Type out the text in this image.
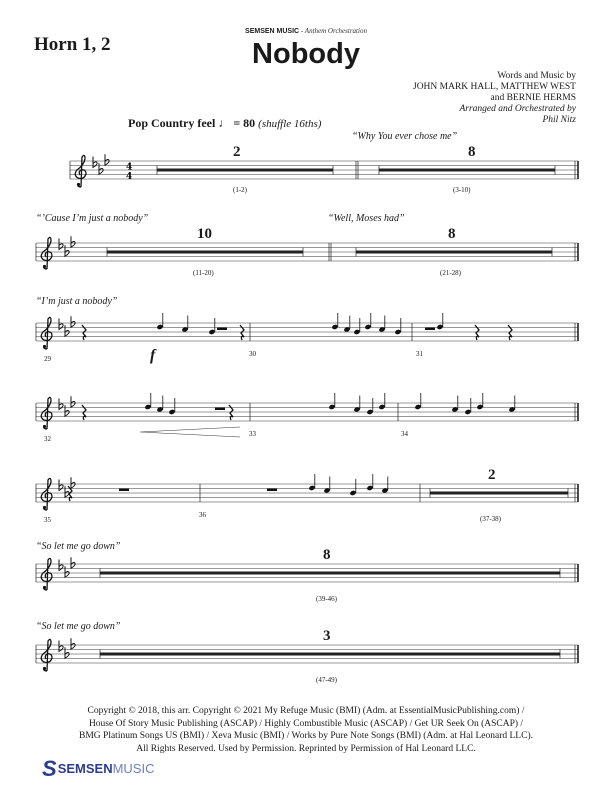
Horn 1, 2
SEMSEN MUSIC - Anthem Orchestration
Nobody
Words and Music by
JOHN MARK HALL, MATTHEW WEST
and BERNIE HERMS
Arranged and Orchestrated by
Phil Nitz
Pop Country feel ♩ = 80 (shuffle 16ths)
“Why You ever chose me”
“’Cause I’m just a nobody”	“Well, Moses had”
“I’m just a nobody”
“So let me go down”
“So let me go down”
4
4
2
(1-2)
8
(3-10)
10
(11-20)
8
(21-28)
2
(37-38)
8
(39-46)
3
(47-49)
29
30	31
32
33	34
35
36
f
Copyright © 2018, this arr. Copyright © 2021 My Refuge Music (BMI) (Adm. at EssentialMusicPublishing.com) /
House Of Story Music Publishing (ASCAP) / Highly Combustible Music (ASCAP) / Get UR Seek On (ASCAP) /
BMG Platinum Songs US (BMI) / Xeva Music (BMI) / Works by Pure Note Songs (BMI) (Adm. at Hal Leonard LLC).
All Rights Reserved. Used by Permission. Reprinted by Permission of Hal Leonard LLC.
SSEMSENMUSIC
